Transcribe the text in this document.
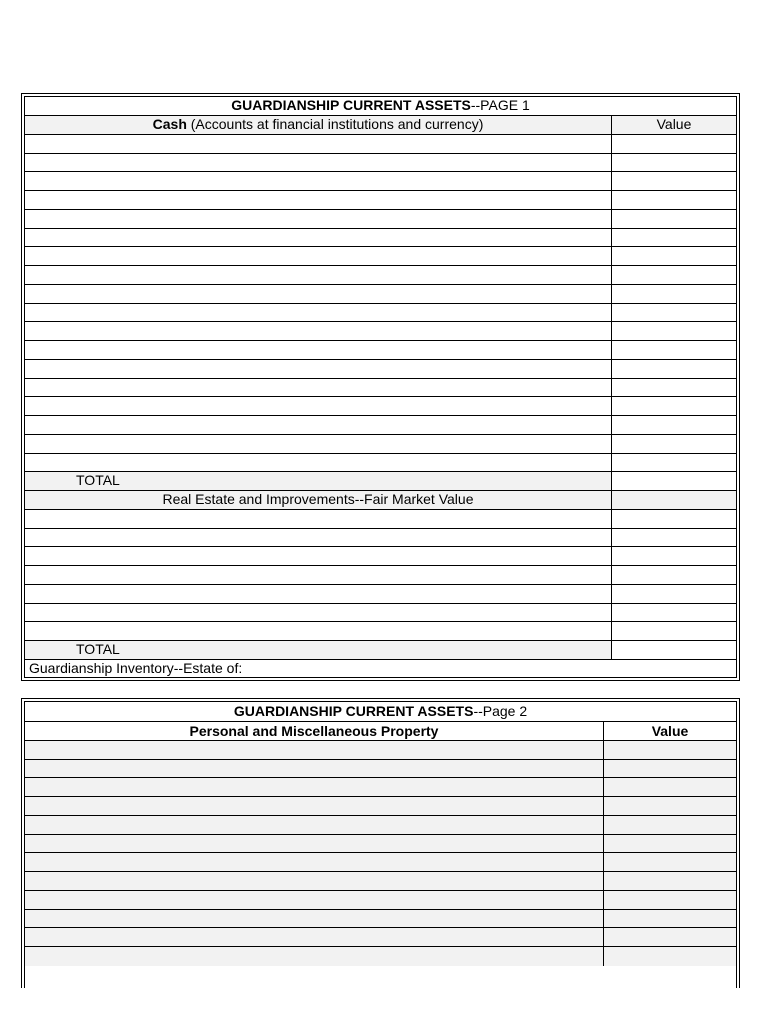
GUARDIANSHIP CURRENT ASSETS--PAGE 1
Cash (Accounts at financial institutions and currency)	Value
TOTAL
Real Estate and Improvements--Fair Market Value
TOTAL
Guardianship Inventory--Estate of:
GUARDIANSHIP CURRENT ASSETS--Page 2
Personal and Miscellaneous Property	Value
